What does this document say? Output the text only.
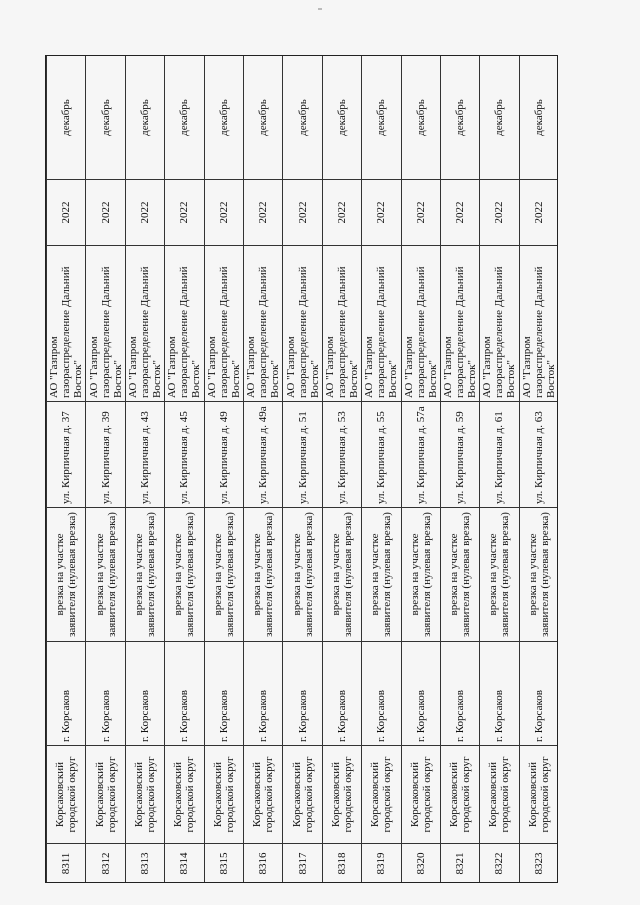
8311	Корсаковский городской округ	г. Корсаков	врезка на участке заявителя (нулевая врезка)	ул. Кирпичная д. 37	АО "Газпром газораспределение Дальний Восток"	2022	декабрь
8312	Корсаковский городской округ	г. Корсаков	врезка на участке заявителя (нулевая врезка)	ул. Кирпичная д. 39	АО "Газпром газораспределение Дальний Восток"	2022	декабрь
8313	Корсаковский городской округ	г. Корсаков	врезка на участке заявителя (нулевая врезка)	ул. Кирпичная д. 43	АО "Газпром газораспределение Дальний Восток"	2022	декабрь
8314	Корсаковский городской округ	г. Корсаков	врезка на участке заявителя (нулевая врезка)	ул. Кирпичная д. 45	АО "Газпром газораспределение Дальний Восток"	2022	декабрь
8315	Корсаковский городской округ	г. Корсаков	врезка на участке заявителя (нулевая врезка)	ул. Кирпичная д. 49	АО "Газпром газораспределение Дальний Восток"	2022	декабрь
8316	Корсаковский городской округ	г. Корсаков	врезка на участке заявителя (нулевая врезка)	ул. Кирпичная д. 49а	АО "Газпром газораспределение Дальний Восток"	2022	декабрь
8317	Корсаковский городской округ	г. Корсаков	врезка на участке заявителя (нулевая врезка)	ул. Кирпичная д. 51	АО "Газпром газораспределение Дальний Восток"	2022	декабрь
8318	Корсаковский городской округ	г. Корсаков	врезка на участке заявителя (нулевая врезка)	ул. Кирпичная д. 53	АО "Газпром газораспределение Дальний Восток"	2022	декабрь
8319	Корсаковский городской округ	г. Корсаков	врезка на участке заявителя (нулевая врезка)	ул. Кирпичная д. 55	АО "Газпром газораспределение Дальний Восток"	2022	декабрь
8320	Корсаковский городской округ	г. Корсаков	врезка на участке заявителя (нулевая врезка)	ул. Кирпичная д. 57а	АО "Газпром газораспределение Дальний Восток"	2022	декабрь
8321	Корсаковский городской округ	г. Корсаков	врезка на участке заявителя (нулевая врезка)	ул. Кирпичная д. 59	АО "Газпром газораспределение Дальний Восток"	2022	декабрь
8322	Корсаковский городской округ	г. Корсаков	врезка на участке заявителя (нулевая врезка)	ул. Кирпичная д. 61	АО "Газпром газораспределение Дальний Восток"	2022	декабрь
8323	Корсаковский городской округ	г. Корсаков	врезка на участке заявителя (нулевая врезка)	ул. Кирпичная д. 63	АО "Газпром газораспределение Дальний Восток"	2022	декабрь
